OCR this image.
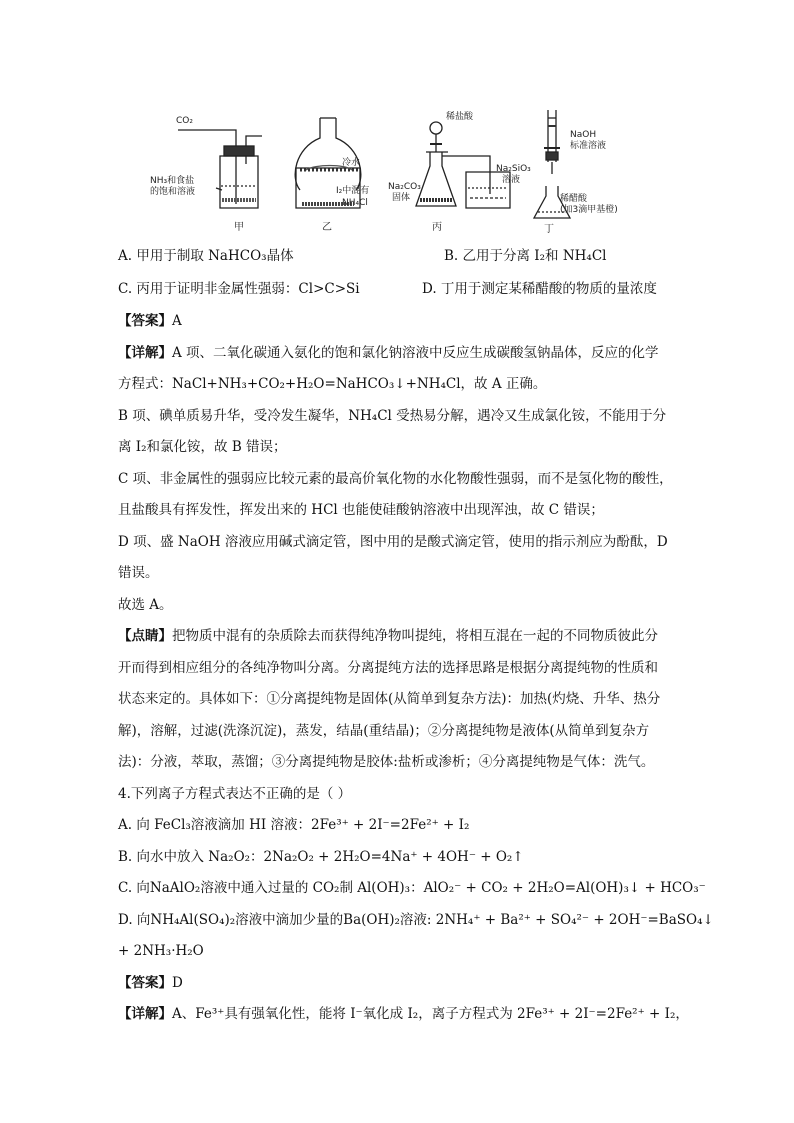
CO₂
NH₃和食盐
的饱和溶液
冷水
I₂中混有
NH₄Cl
稀盐酸
Na₂CO₃
固体
Na₂SiO₃
溶液
NaOH
标准溶液
稀醋酸
(加3滴甲基橙)
甲	乙	丙	丁
A. 甲用于制取 NaHCO₃晶体	B. 乙用于分离 I₂和 NH₄Cl
C. 丙用于证明非金属性强弱：Cl>C>Si	D. 丁用于测定某稀醋酸的物质的量浓度
【答案】A
【详解】A 项、二氧化碳通入氨化的饱和氯化钠溶液中反应生成碳酸氢钠晶体，反应的化学
方程式：NaCl+NH₃+CO₂+H₂O=NaHCO₃↓+NH₄Cl，故 A 正确。
B 项、碘单质易升华，受冷发生凝华，NH₄Cl 受热易分解，遇冷又生成氯化铵，不能用于分
离 I₂和氯化铵，故 B 错误；
C 项、非金属性的强弱应比较元素的最高价氧化物的水化物酸性强弱，而不是氢化物的酸性，
且盐酸具有挥发性，挥发出来的 HCl 也能使硅酸钠溶液中出现浑浊，故 C 错误；
D 项、盛 NaOH 溶液应用碱式滴定管，图中用的是酸式滴定管，使用的指示剂应为酚酞，D
错误。
故选 A。
【点睛】把物质中混有的杂质除去而获得纯净物叫提纯，将相互混在一起的不同物质彼此分
开而得到相应组分的各纯净物叫分离。分离提纯方法的选择思路是根据分离提纯物的性质和
状态来定的。具体如下：①分离提纯物是固体(从简单到复杂方法)：加热(灼烧、升华、热分
解)，溶解，过滤(洗涤沉淀)，蒸发，结晶(重结晶)；②分离提纯物是液体(从简单到复杂方
法)：分液，萃取，蒸馏；③分离提纯物是胶体:盐析或渗析；④分离提纯物是气体：洗气。
4.下列离子方程式表达不正确的是（ ）
A. 向 FeCl₃溶液滴加 HI 溶液：2Fe³⁺ + 2I⁻=2Fe²⁺ + I₂
B. 向水中放入 Na₂O₂：2Na₂O₂ + 2H₂O=4Na⁺ + 4OH⁻ + O₂↑
C. 向NaAlO₂溶液中通入过量的 CO₂制 Al(OH)₃：AlO₂⁻ + CO₂ + 2H₂O=Al(OH)₃↓ + HCO₃⁻
D. 向NH₄Al(SO₄)₂溶液中滴加少量的Ba(OH)₂溶液: 2NH₄⁺ + Ba²⁺ + SO₄²⁻ + 2OH⁻=BaSO₄↓
+ 2NH₃·H₂O
【答案】D
【详解】A、Fe³⁺具有强氧化性，能将 I⁻氧化成 I₂，离子方程式为 2Fe³⁺ + 2I⁻=2Fe²⁺ + I₂，
